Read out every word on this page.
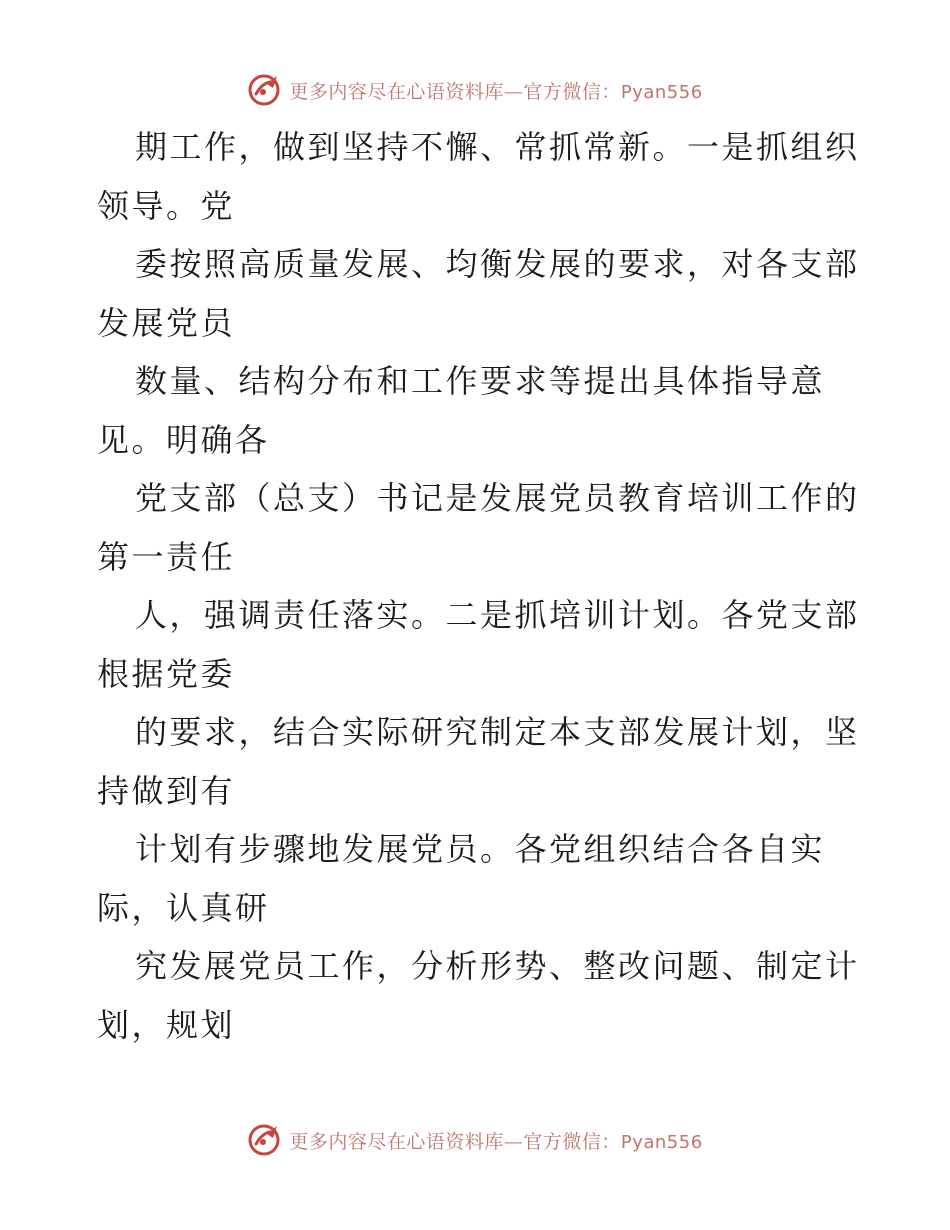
更多内容尽在心语资料库—官方微信：Pyan556
期工作，做到坚持不懈、常抓常新。一是抓组织
领导。党
委按照高质量发展、均衡发展的要求，对各支部
发展党员
数量、结构分布和工作要求等提出具体指导意
见。明确各
党支部（总支）书记是发展党员教育培训工作的
第一责任
人，强调责任落实。二是抓培训计划。各党支部
根据党委
的要求，结合实际研究制定本支部发展计划，坚
持做到有
计划有步骤地发展党员。各党组织结合各自实
际，认真研
究发展党员工作，分析形势、整改问题、制定计
划，规划
更多内容尽在心语资料库—官方微信：Pyan556
